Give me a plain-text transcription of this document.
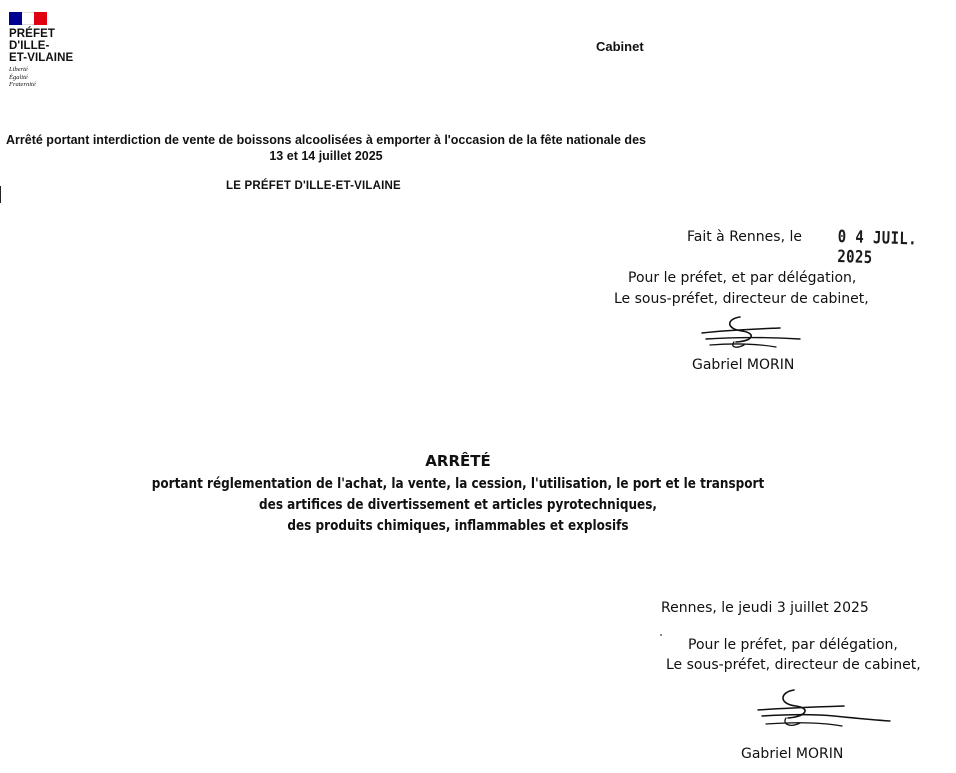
PRÉFET
D'ILLE-
ET-VILAINE
Liberté
Égalité
Fraternité
Cabinet
Arrêté portant interdiction de vente de boissons alcoolisées à emporter à l'occasion de la fête nationale des 13 et 14 juillet 2025
LE PRÉFET D'ILLE-ET-VILAINE
Fait à Rennes, le 0 4 JUIL. 2025
Pour le préfet, et par délégation,
Le sous-préfet, directeur de cabinet,
Gabriel MORIN
ARRÊTÉ
portant réglementation de l'achat, la vente, la cession, l'utilisation, le port et le transport
des artifices de divertissement et articles pyrotechniques,
des produits chimiques, inflammables et explosifs
Rennes, le jeudi 3 juillet 2025
Pour le préfet, par délégation,
Le sous-préfet, directeur de cabinet,
Gabriel MORIN
